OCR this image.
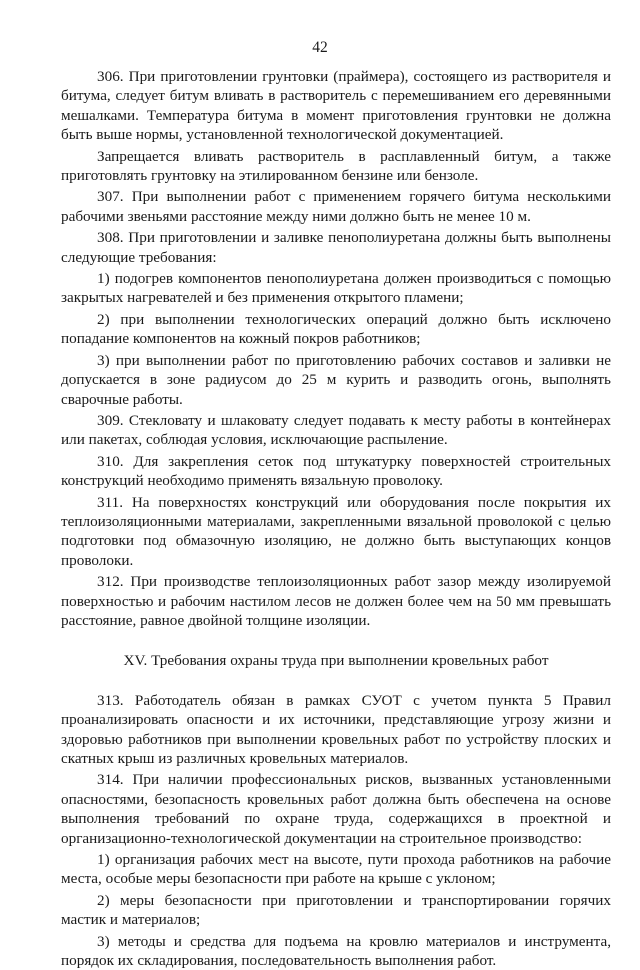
42

306. При приготовлении грунтовки (праймера), состоящего из растворителя и битума, следует битум вливать в растворитель с перемешиванием его деревянными мешалками. Температура битума в момент приготовления грунтовки не должна быть выше нормы, установленной технологической документацией.

Запрещается вливать растворитель в расплавленный битум, а также приготовлять грунтовку на этилированном бензине или бензоле.

307. При выполнении работ с применением горячего битума несколькими рабочими звеньями расстояние между ними должно быть не менее 10 м.

308. При приготовлении и заливке пенополиуретана должны быть выполнены следующие требования:

1) подогрев компонентов пенополиуретана должен производиться с помощью закрытых нагревателей и без применения открытого пламени;

2) при выполнении технологических операций должно быть исключено попадание компонентов на кожный покров работников;

3) при выполнении работ по приготовлению рабочих составов и заливки не допускается в зоне радиусом до 25 м курить и разводить огонь, выполнять сварочные работы.

309. Стекловату и шлаковату следует подавать к месту работы в контейнерах или пакетах, соблюдая условия, исключающие распыление.

310. Для закрепления сеток под штукатурку поверхностей строительных конструкций необходимо применять вязальную проволоку.

311. На поверхностях конструкций или оборудования после покрытия их теплоизоляционными материалами, закрепленными вязальной проволокой с целью подготовки под обмазочную изоляцию, не должно быть выступающих концов проволоки.

312. При производстве теплоизоляционных работ зазор между изолируемой поверхностью и рабочим настилом лесов не должен более чем на 50 мм превышать расстояние, равное двойной толщине изоляции.

XV. Требования охраны труда при выполнении кровельных работ

313. Работодатель обязан в рамках СУОТ с учетом пункта 5 Правил проанализировать опасности и их источники, представляющие угрозу жизни и здоровью работников при выполнении кровельных работ по устройству плоских и скатных крыш из различных кровельных материалов.

314. При наличии профессиональных рисков, вызванных установленными опасностями, безопасность кровельных работ должна быть обеспечена на основе выполнения требований по охране труда, содержащихся в проектной и организационно-технологической документации на строительное производство:

1) организация рабочих мест на высоте, пути прохода работников на рабочие места, особые меры безопасности при работе на крыше с уклоном;

2) меры безопасности при приготовлении и транспортировании горячих мастик и материалов;

3) методы и средства для подъема на кровлю материалов и инструмента, порядок их складирования, последовательность выполнения работ.
